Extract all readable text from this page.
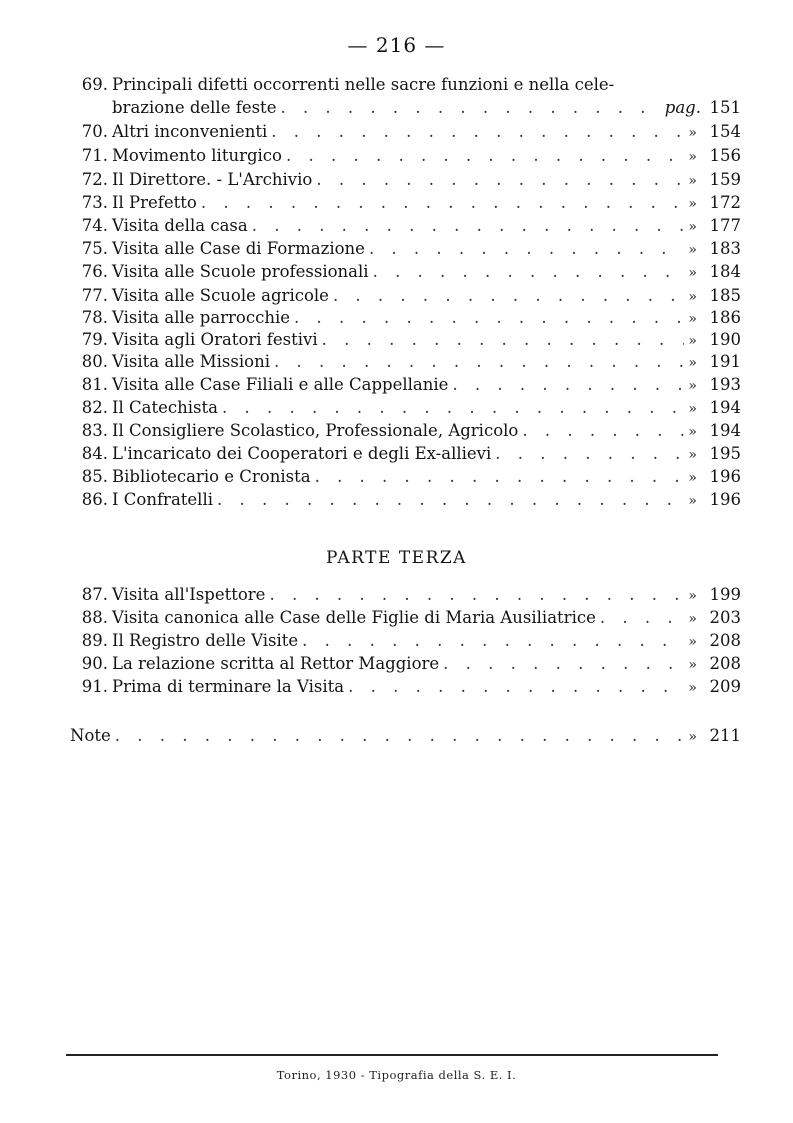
— 216 —
69. Principali difetti occorrenti nelle sacre funzioni e nella cele-
brazione delle feste . . .	pag. 151
70. Altri inconvenienti . . .	» 154
71. Movimento liturgico . . .	» 156
72. Il Direttore. - L'Archivio . . .	» 159
73. Il Prefetto . . .	» 172
74. Visita della casa . . .	» 177
75. Visita alle Case di Formazione . . .	» 183
76. Visita alle Scuole professionali . . .	» 184
77. Visita alle Scuole agricole . . .	» 185
78. Visita alle parrocchie . . .	» 186
79. Visita agli Oratori festivi . . .	» 190
80. Visita alle Missioni . . .	» 191
81. Visita alle Case Filiali e alle Cappellanie . . .	» 193
82. Il Catechista . . .	» 194
83. Il Consigliere Scolastico, Professionale, Agricolo . . .	» 194
84. L'incaricato dei Cooperatori e degli Ex-allievi . . .	» 195
85. Bibliotecario e Cronista . . .	» 196
86. I Confratelli . . .	» 196
PARTE TERZA
87. Visita all'Ispettore . . .	» 199
88. Visita canonica alle Case delle Figlie di Maria Ausiliatrice . . .	» 203
89. Il Registro delle Visite . . .	» 208
90. La relazione scritta al Rettor Maggiore . . .	» 208
91. Prima di terminare la Visita . . .	» 209
Note . . .	» 211
Torino, 1930 - Tipografia della S. E. I.
